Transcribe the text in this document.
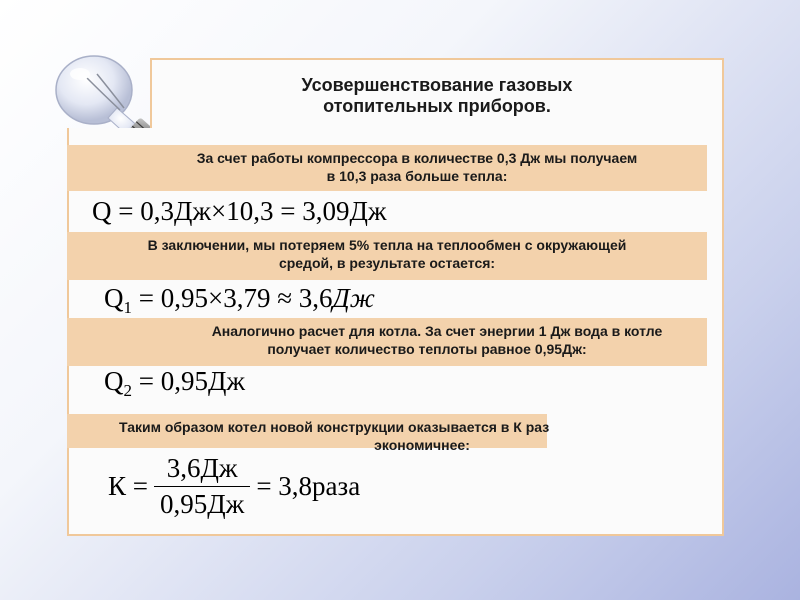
Усовершенствование газовых
отопительных приборов.
За счет работы компрессора в количестве 0,3 Дж мы получаем
в 10,3 раза больше тепла:
Q = 0,3Дж×10,3 = 3,09Дж
В заключении, мы потеряем 5% тепла на теплообмен с окружающей
средой, в результате остается:
$Q_1 = 0,95\times 3,79 \approx 3,6Дж$
Аналогично расчет для котла. За счет энергии 1 Дж вода в котле
получает количество теплоты равное 0,95Дж:
$Q_2 = 0,95Дж$
Таким образом котел новой конструкции оказывается в К раз
экономичнее:
$К = \frac{3,6Дж}{0,95Дж}$ = 3,8раза
